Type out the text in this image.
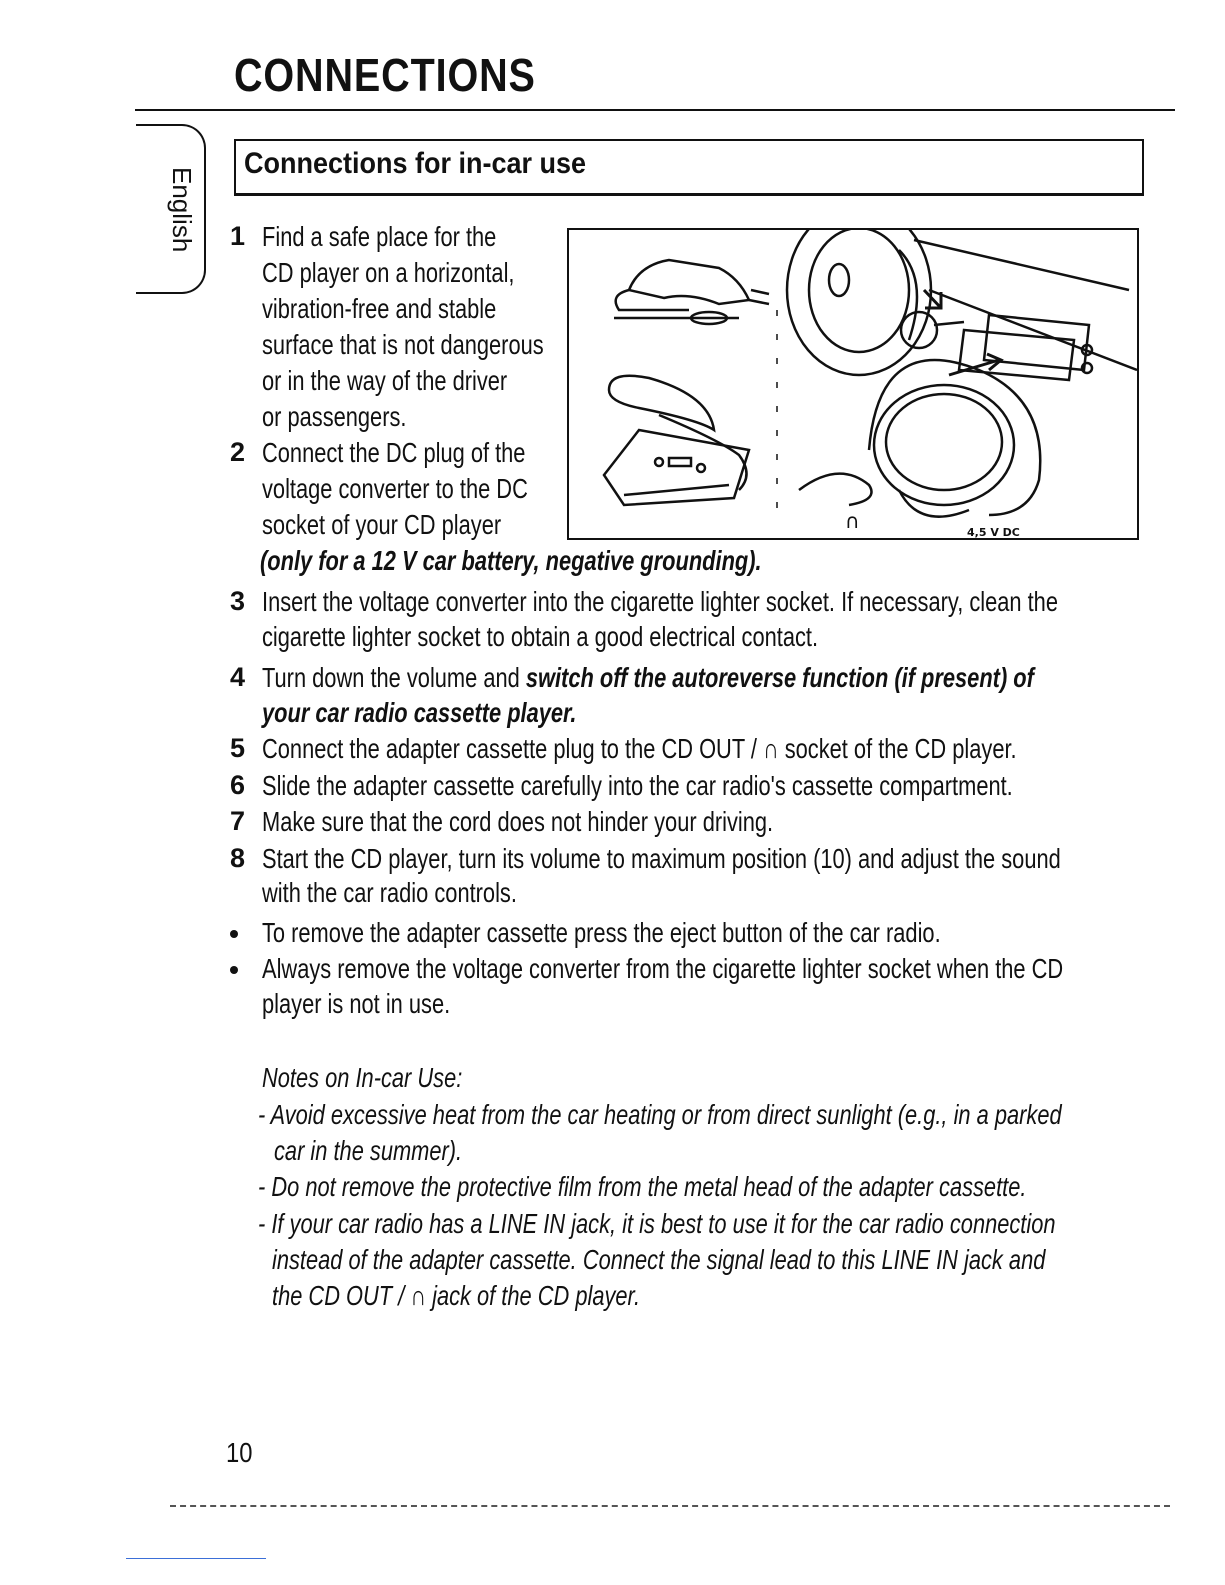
CONNECTIONS
English
Connections for in-car use
∩	4,5 V DC
1 Find a safe place for the
CD player on a horizontal,
vibration-free and stable
surface that is not dangerous
or in the way of the driver
or passengers.
2 Connect the DC plug of the
voltage converter to the DC
socket of your CD player
(only for a 12 V car battery, negative grounding).
3 Insert the voltage converter into the cigarette lighter socket. If necessary, clean the
cigarette lighter socket to obtain a good electrical contact.
4 Turn down the volume and switch off the autoreverse function (if present) of
your car radio cassette player.
5 Connect the adapter cassette plug to the CD OUT / ∩ socket of the CD player.
6 Slide the adapter cassette carefully into the car radio's cassette compartment.
7 Make sure that the cord does not hinder your driving.
8 Start the CD player, turn its volume to maximum position (10) and adjust the sound
with the car radio controls.
To remove the adapter cassette press the eject button of the car radio.
Always remove the voltage converter from the cigarette lighter socket when the CD
player is not in use.
Notes on In-car Use:
- Avoid excessive heat from the car heating or from direct sunlight (e.g., in a parked
car in the summer).
- Do not remove the protective film from the metal head of the adapter cassette.
- If your car radio has a LINE IN jack, it is best to use it for the car radio connection
instead of the adapter cassette. Connect the signal lead to this LINE IN jack and
the CD OUT / ∩ jack of the CD player.
10
